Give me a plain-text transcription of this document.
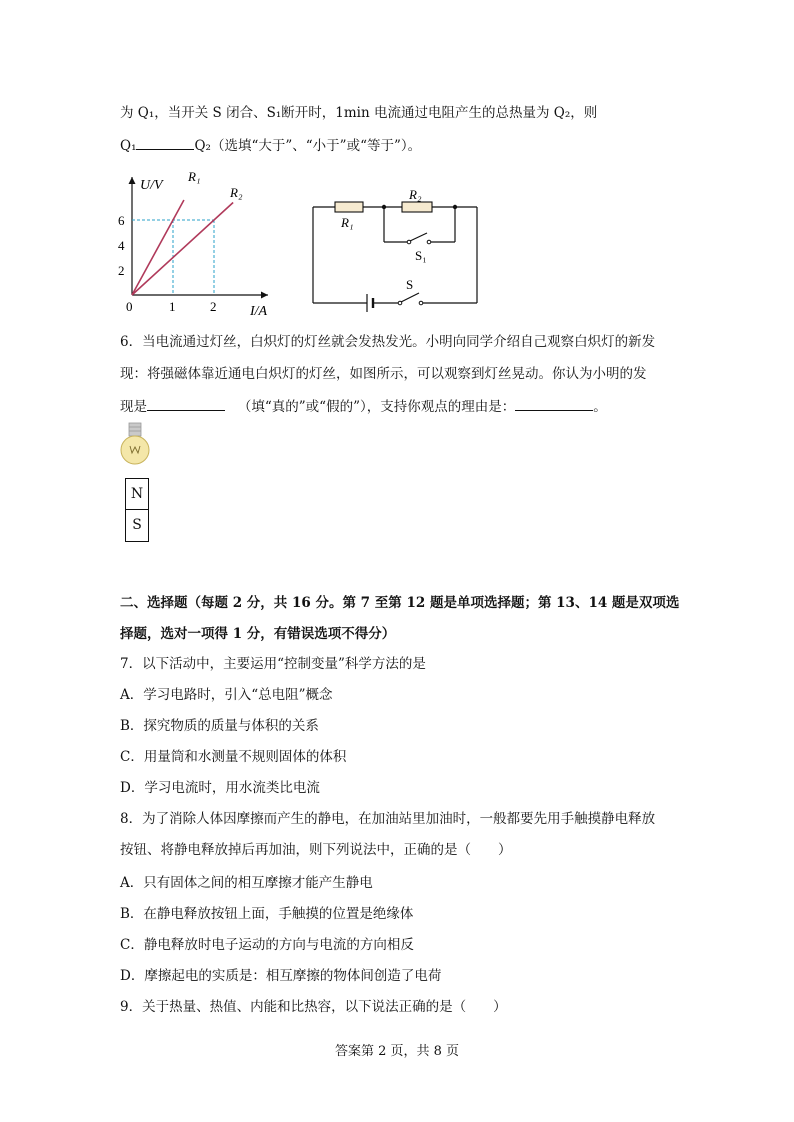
为 Q₁，当开关 S 闭合、S₁断开时，1min 电流通过电阻产生的总热量为 Q₂，则
Q₁	Q₂（选填“大于”、“小于”或“等于”）。
2
4
6
1	2
U/V
I/A
0
R₁
R₂
R₁
R₂
S₁
S
6．当电流通过灯丝，白炽灯的灯丝就会发热发光。小明向同学介绍自己观察白炽灯的新发
现：将强磁体靠近通电白炽灯的灯丝，如图所示，可以观察到灯丝晃动。你认为小明的发
现是	（填“真的”或“假的”），支持你观点的理由是：	。
N
S
二、选择题（每题 2 分，共 16 分。第 7 至第 12 题是单项选择题；第 13、14 题是双项选
择题，选对一项得 1 分，有错误选项不得分）
7．以下活动中，主要运用“控制变量”科学方法的是
A．学习电路时，引入“总电阻”概念
B．探究物质的质量与体积的关系
C．用量筒和水测量不规则固体的体积
D．学习电流时，用水流类比电流
8．为了消除人体因摩擦而产生的静电，在加油站里加油时，一般都要先用手触摸静电释放
按钮、将静电释放掉后再加油，则下列说法中，正确的是（　　）
A．只有固体之间的相互摩擦才能产生静电
B．在静电释放按钮上面，手触摸的位置是绝缘体
C．静电释放时电子运动的方向与电流的方向相反
D．摩擦起电的实质是：相互摩擦的物体间创造了电荷
9．关于热量、热值、内能和比热容，以下说法正确的是（　　）
答案第 2 页，共 8 页
